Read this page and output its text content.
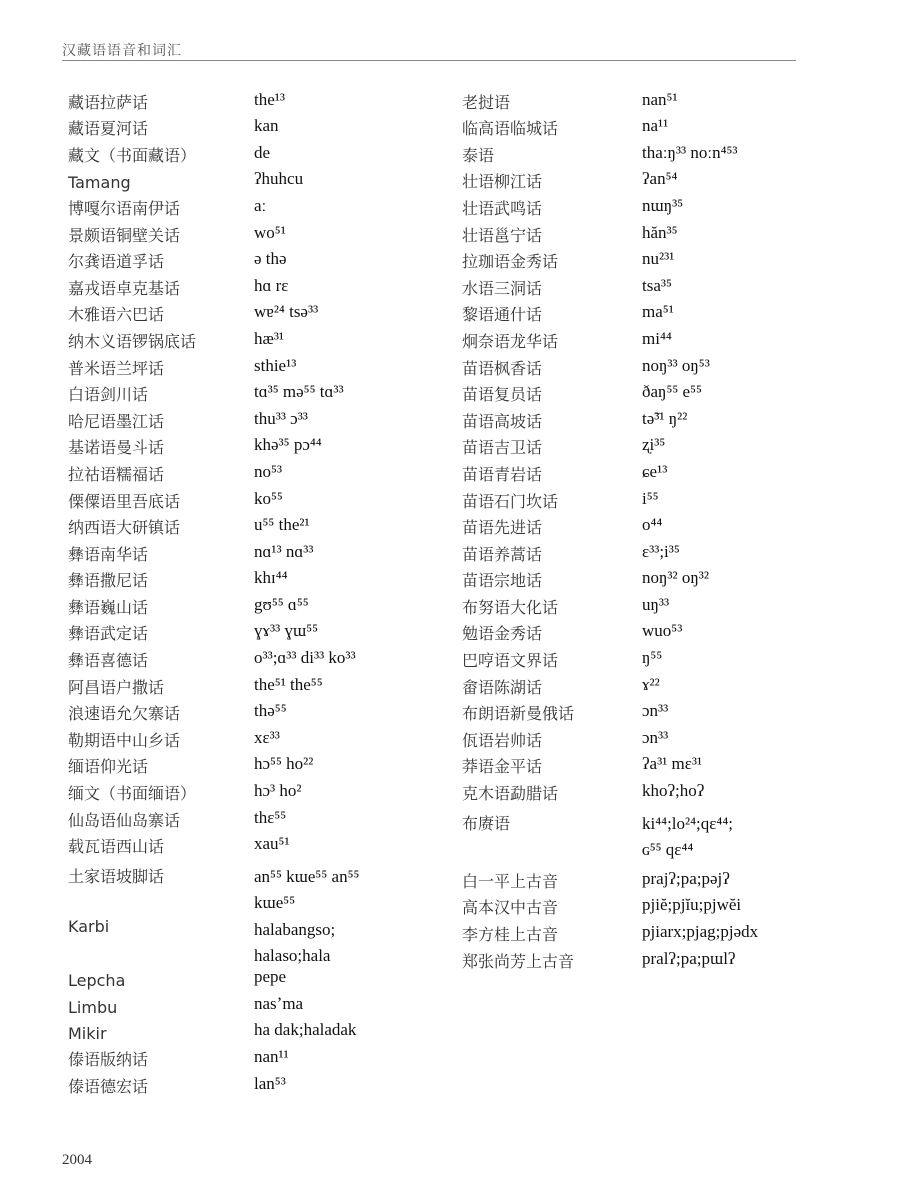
汉藏语语音和词汇
藏语拉萨话	the¹³
藏语夏河话	kan
藏文（书面藏语）	de
Tamang	ʔhuhcu
博嘎尔语南伊话	aː
景颇语铜壁关话	wo⁵¹
尔龚语道孚话	ə thə
嘉戎语卓克基话	hɑ rɛ
木雅语六巴话	wɐ²⁴ tsə³³
纳木义语锣锅底话	hæ³¹
普米语兰坪话	sthie¹³
白语剑川话	tɑ³⁵ mə⁵⁵ tɑ³³
哈尼语墨江话	thu³³ ɔ³³
基诺语曼斗话	khə³⁵ pɔ⁴⁴
拉祜语糯福话	no⁵³
傈僳语里吾底话	ko⁵⁵
纳西语大研镇话	u⁵⁵ the²¹
彝语南华话	nɑ¹³ nɑ³³
彝语撒尼话	khɪ⁴⁴
彝语巍山话	gʊ⁵⁵ ɑ⁵⁵
彝语武定话	ɣɤ³³ ɣɯ⁵⁵
彝语喜德话	o³³;ɑ³³ di³³ ko³³
阿昌语户撒话	the⁵¹ the⁵⁵
浪速语允欠寨话	thə⁵⁵
勒期语中山乡话	xɛ³³
缅语仰光话	hɔ⁵⁵ ho²²
缅文（书面缅语）	hɔ³ ho²
仙岛语仙岛寨话	thɛ⁵⁵
载瓦语西山话	xau⁵¹
土家语坡脚话	an⁵⁵ kɯe⁵⁵ an⁵⁵
kɯe⁵⁵
Karbi	halabangso;
halaso;hala
Lepcha	pepe
Limbu	nasʼma
Mikir	ha dak;haladak
傣语版纳话	nan¹¹
傣语德宏话	lan⁵³
老挝语	nan⁵¹
临高语临城话	na¹¹
泰语	thaːŋ³³ noːn⁴⁵³
壮语柳江话	ʔan⁵⁴
壮语武鸣话	nɯŋ³⁵
壮语邕宁话	hăn³⁵
拉珈语金秀话	nu²³¹
水语三洞话	tsa³⁵
黎语通什话	ma⁵¹
炯奈语龙华话	mi⁴⁴
苗语枫香话	noŋ³³ oŋ⁵³
苗语复员话	ðaŋ⁵⁵ e⁵⁵
苗语高坡话	tə̃³¹ ŋ²²
苗语吉卫话	ʐi³⁵
苗语青岩话	ɕe¹³
苗语石门坎话	i⁵⁵
苗语先进话	o⁴⁴
苗语养蒿话	ɛ³³;i³⁵
苗语宗地话	noŋ³² oŋ³²
布努语大化话	uŋ³³
勉语金秀话	wuo⁵³
巴哼语文界话	ŋ⁵⁵
畲语陈湖话	ɤ²²
布朗语新曼俄话	ɔn³³
佤语岩帅话	ɔn³³
莽语金平话	ʔa³¹ mɛ³¹
克木语勐腊话	khoʔ;hoʔ
布赓语	ki⁴⁴;lo²⁴;qɛ⁴⁴;
ɢ⁵⁵ qɛ⁴⁴
白一平上古音	prajʔ;pa;pəjʔ
高本汉中古音	pjiĕ;pjĭu;pjwĕi
李方桂上古音	pjiarx;pjag;pjədx
郑张尚芳上古音	pralʔ;pa;pɯlʔ
2004
